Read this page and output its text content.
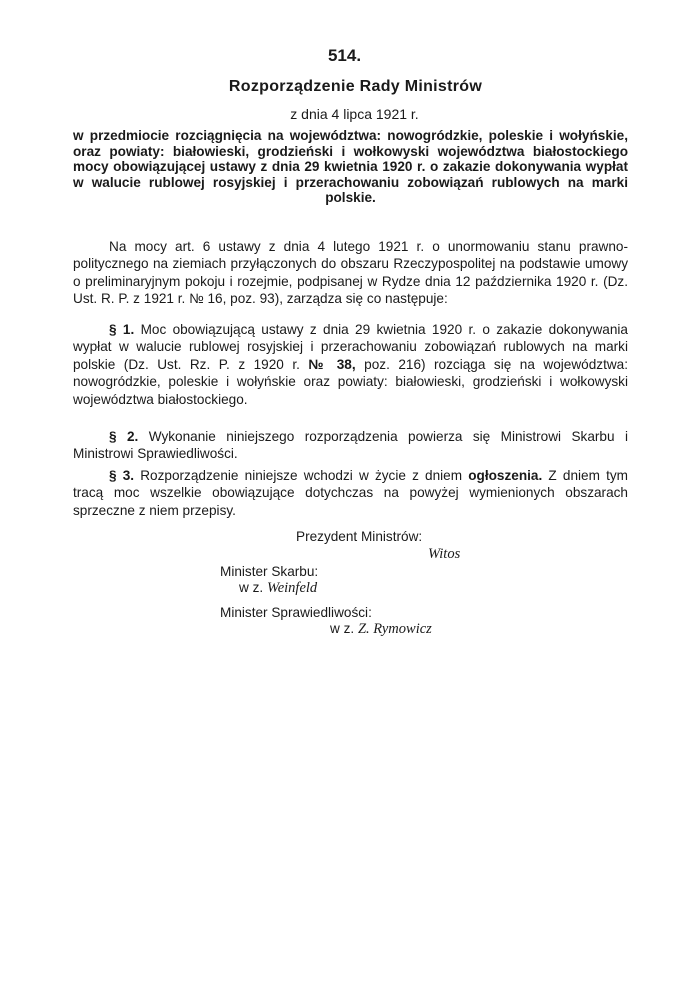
514.
Rozporządzenie Rady Ministrów
z dnia 4 lipca 1921 r.
w przedmiocie rozciągnięcia na województwa: nowogródzkie, poleskie i wołyńskie, oraz powiaty: białowieski, grodzieński i wołkowyski województwa białostockiego mocy obowiązującej ustawy z dnia 29 kwietnia 1920 r. o zakazie dokonywania wypłat w walucie rublowej rosyjskiej i przerachowaniu zobowiązań rublowych na marki polskie.

Na mocy art. 6 ustawy z dnia 4 lutego 1921 r. o unormowaniu stanu prawno-politycznego na ziemiach przyłączonych do obszaru Rzeczypospolitej na podstawie umowy o preliminaryjnym pokoju i rozejmie, podpisanej w Rydze dnia 12 października 1920 r. (Dz. Ust. R. P. z 1921 r. № 16, poz. 93), zarządza się co następuje:

§ 1. Moc obowiązującą ustawy z dnia 29 kwietnia 1920 r. o zakazie dokonywania wypłat w walucie rublowej rosyjskiej i przerachowaniu zobowiązań rublowych na marki polskie (Dz. Ust. Rz. P. z 1920 r. № 38, poz. 216) rozciąga się na województwa: nowogródzkie, poleskie i wołyńskie oraz powiaty: białowieski, grodzieński i wołkowyski województwa białostockiego.

§ 2. Wykonanie niniejszego rozporządzenia powierza się Ministrowi Skarbu i Ministrowi Sprawiedliwości.

§ 3. Rozporządzenie niniejsze wchodzi w życie z dniem ogłoszenia. Z dniem tym tracą moc wszelkie obowiązujące dotychczas na powyżej wymienionych obszarach sprzeczne z niem przepisy.

Prezydent Ministrów:
Witos
Minister Skarbu:
w z. Weinfeld
Minister Sprawiedliwości:
w z. Z. Rymowicz
